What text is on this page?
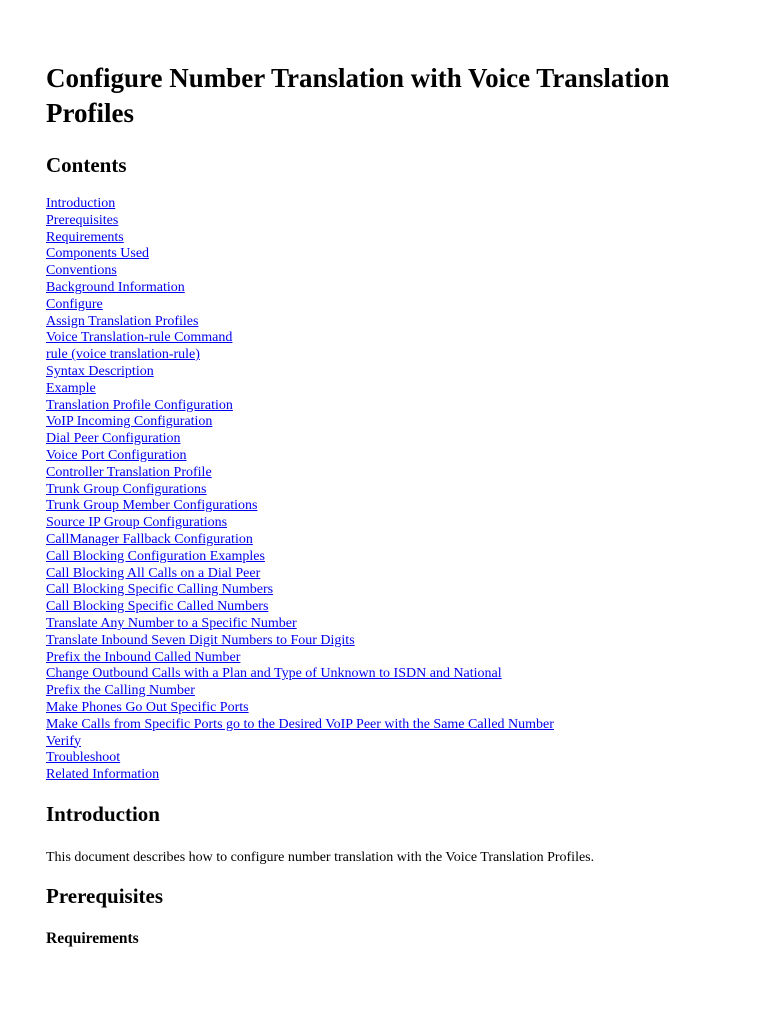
Configure Number Translation with Voice Translation Profiles
Contents
Introduction
Prerequisites
Requirements
Components Used
Conventions
Background Information
Configure
Assign Translation Profiles
Voice Translation-rule Command
rule (voice translation-rule)
Syntax Description
Example
Translation Profile Configuration
VoIP Incoming Configuration
Dial Peer Configuration
Voice Port Configuration
Controller Translation Profile
Trunk Group Configurations
Trunk Group Member Configurations
Source IP Group Configurations
CallManager Fallback Configuration
Call Blocking Configuration Examples
Call Blocking All Calls on a Dial Peer
Call Blocking Specific Calling Numbers
Call Blocking Specific Called Numbers
Translate Any Number to a Specific Number
Translate Inbound Seven Digit Numbers to Four Digits
Prefix the Inbound Called Number
Change Outbound Calls with a Plan and Type of Unknown to ISDN and National
Prefix the Calling Number
Make Phones Go Out Specific Ports
Make Calls from Specific Ports go to the Desired VoIP Peer with the Same Called Number
Verify
Troubleshoot
Related Information
Introduction

This document describes how to configure number translation with the Voice Translation Profiles.

Prerequisites
Requirements
